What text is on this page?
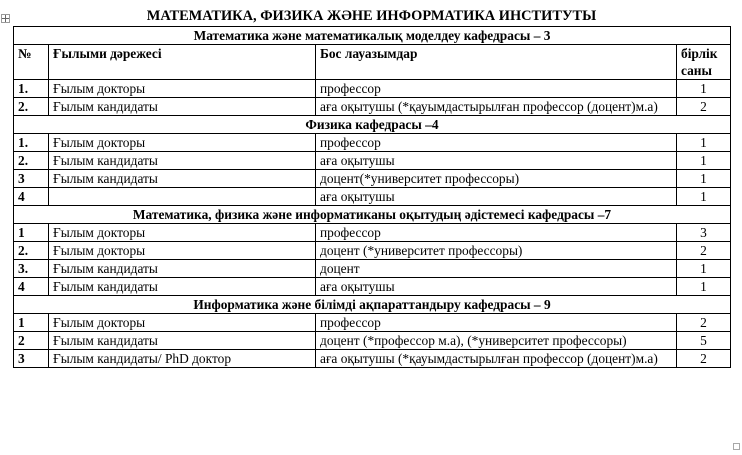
МАТЕМАТИКА, ФИЗИКА ЖӘНЕ ИНФОРМАТИКА ИНСТИТУТЫ
Математика және математикалық моделдеу кафедрасы – 3			
№	Ғылыми дәрежесі	Бос лауазымдар	бірлік
саны
1.	Ғылым докторы	профессор	1
2.	Ғылым кандидаты	аға оқытушы (*қауымдастырылған профессор (доцент)м.а)	2
Физика кафедрасы –4			
1.	Ғылым докторы	профессор	1
2.	Ғылым кандидаты	аға оқытушы	1
3	Ғылым кандидаты	доцент(*университет профессоры)	1
4		аға оқытушы	1
Математика, физика және информатиканы оқытудың әдістемесі кафедрасы –7			
1	Ғылым докторы	профессор	3
2.	Ғылым докторы	доцент (*университет профессоры)	2
3.	Ғылым кандидаты	доцент	1
4	Ғылым кандидаты	аға оқытушы	1
Информатика және білімді ақпараттандыру кафедрасы – 9			
1	Ғылым докторы	профессор	2
2	Ғылым кандидаты	доцент (*профессор м.а), (*университет профессоры)	5
3	Ғылым кандидаты/ PhD доктор	аға оқытушы (*қауымдастырылған профессор (доцент)м.а)	2
